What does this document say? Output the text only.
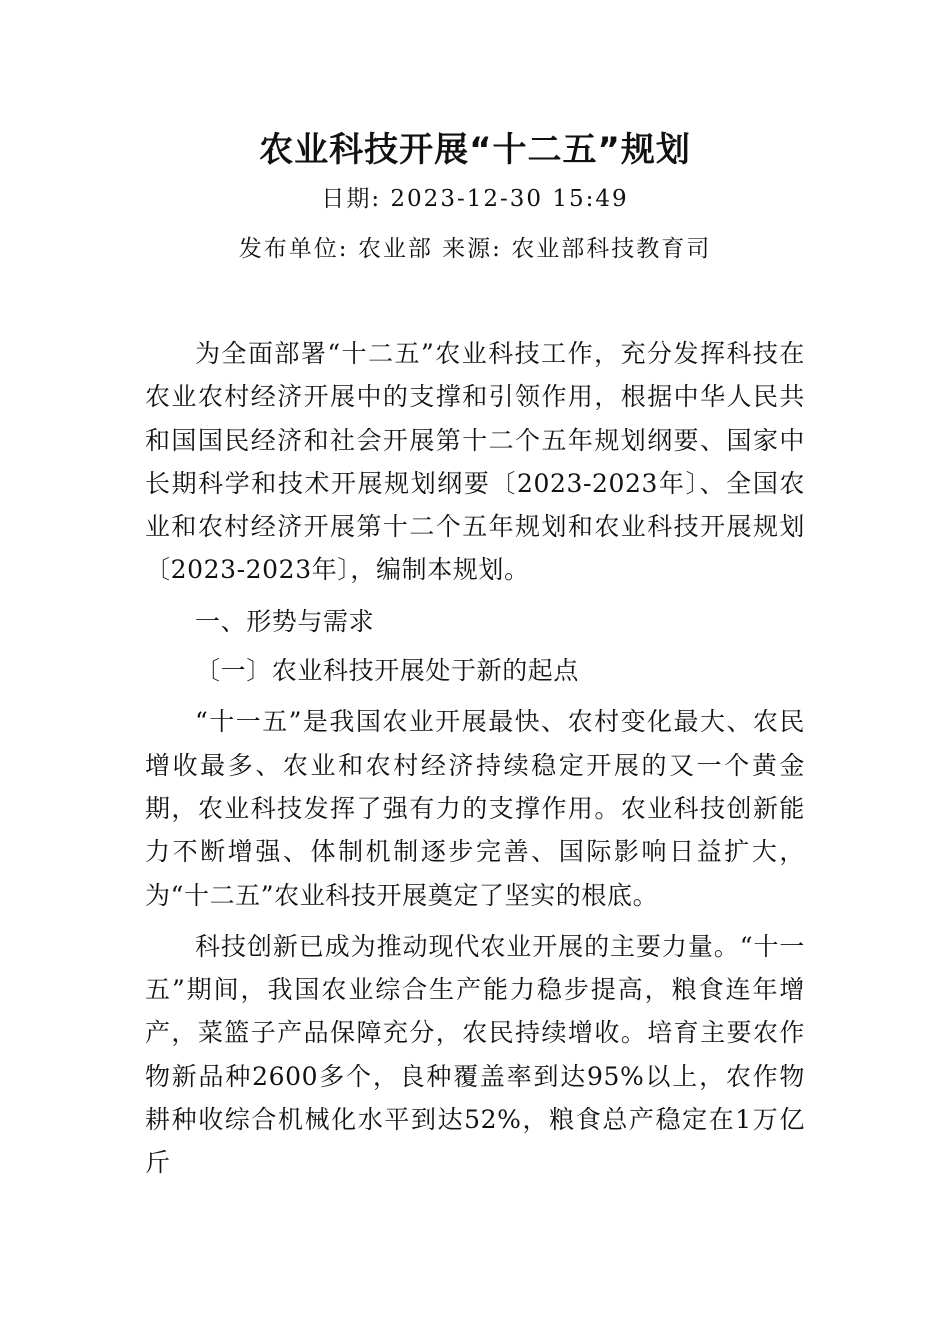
农业科技开展“十二五”规划

日期: 2023-12-30 15:49

发布单位: 农业部 来源: 农业部科技教育司

为全面部署“十二五”农业科技工作，充分发挥科技在农业农村经济开展中的支撑和引领作用，根据中华人民共和国国民经济和社会开展第十二个五年规划纲要、国家中长期科学和技术开展规划纲要〔2023-2023年〕、全国农业和农村经济开展第十二个五年规划和农业科技开展规划〔2023-2023年〕，编制本规划。

一、形势与需求

〔一〕农业科技开展处于新的起点

“十一五”是我国农业开展最快、农村变化最大、农民增收最多、农业和农村经济持续稳定开展的又一个黄金期，农业科技发挥了强有力的支撑作用。农业科技创新能力不断增强、体制机制逐步完善、国际影响日益扩大，为“十二五”农业科技开展奠定了坚实的根底。

科技创新已成为推动现代农业开展的主要力量。“十一五”期间，我国农业综合生产能力稳步提高，粮食连年增产，菜篮子产品保障充分，农民持续增收。培育主要农作物新品种2600多个，良种覆盖率到达95%以上，农作物耕种收综合机械化水平到达52%，粮食总产稳定在1万亿斤
